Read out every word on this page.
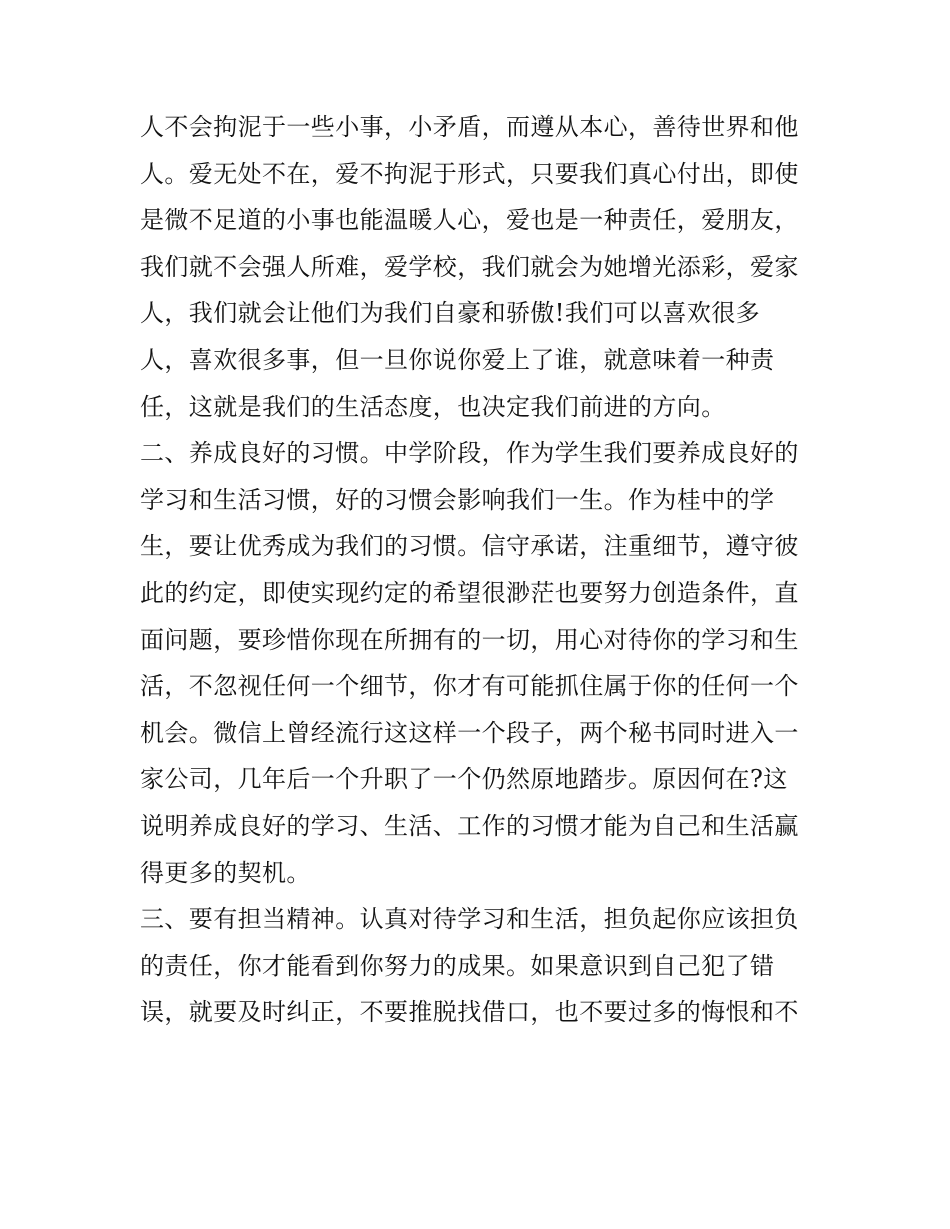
人不会拘泥于一些小事，小矛盾，而遵从本心，善待世界和他
人。爱无处不在，爱不拘泥于形式，只要我们真心付出，即使
是微不足道的小事也能温暖人心，爱也是一种责任，爱朋友，
我们就不会强人所难，爱学校，我们就会为她增光添彩，爱家
人，我们就会让他们为我们自豪和骄傲!我们可以喜欢很多
人，喜欢很多事，但一旦你说你爱上了谁，就意味着一种责
任，这就是我们的生活态度，也决定我们前进的方向。
二、养成良好的习惯。中学阶段，作为学生我们要养成良好的
学习和生活习惯，好的习惯会影响我们一生。作为桂中的学
生，要让优秀成为我们的习惯。信守承诺，注重细节，遵守彼
此的约定，即使实现约定的希望很渺茫也要努力创造条件，直
面问题，要珍惜你现在所拥有的一切，用心对待你的学习和生
活，不忽视任何一个细节，你才有可能抓住属于你的任何一个
机会。微信上曾经流行这这样一个段子，两个秘书同时进入一
家公司，几年后一个升职了一个仍然原地踏步。原因何在?这
说明养成良好的学习、生活、工作的习惯才能为自己和生活赢
得更多的契机。
三、要有担当精神。认真对待学习和生活，担负起你应该担负
的责任，你才能看到你努力的成果。如果意识到自己犯了错
误，就要及时纠正，不要推脱找借口，也不要过多的悔恨和不
